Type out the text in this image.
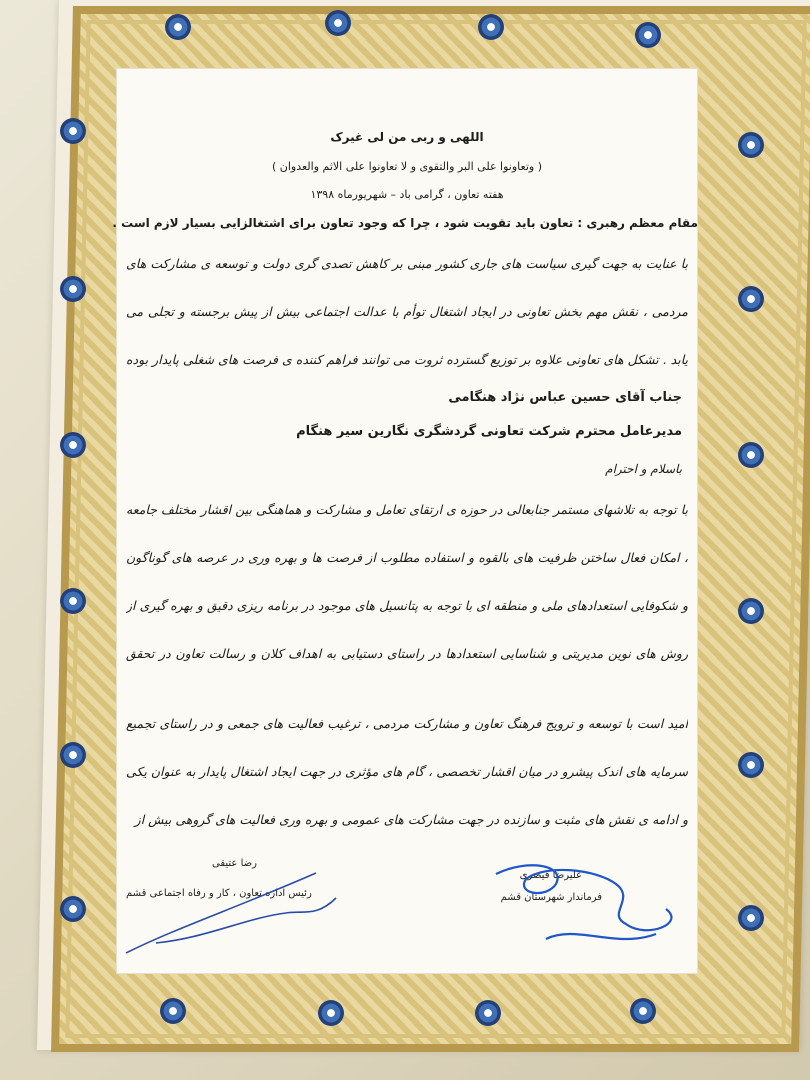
اللهی و ربی من لی غیرک
( وتعاونوا علی البر والتقوی و لا تعاونوا علی الاثم والعدوان )
هفته تعاون ، گرامی باد – شهریورماه ۱۳۹۸
مقام معظم رهبری : تعاون باید تقویت شود ، چرا که وجود تعاون برای اشتغالزایی بسیار لازم است .
با عنایت به جهت گیری سیاست های جاری کشور مبنی بر کاهش تصدی گری دولت و توسعه ی مشارکت های مردمی ، نقش مهم بخش تعاونی در ایجاد اشتغال توأم با عدالت اجتماعی بیش از پیش برجسته و تجلی می یابد . تشکل های تعاونی علاوه بر توزیع گسترده ثروت می توانند فراهم کننده ی فرصت های شغلی پایدار بوده
جناب آقای حسین عباس نژاد هنگامی
مدیرعامل محترم شرکت تعاونی گردشگری نگارین سیر هنگام
باسلام و احترام
با توجه به تلاشهای مستمر جنابعالی در حوزه ی ارتقای تعامل و مشارکت و هماهنگی بین اقشار مختلف جامعه ، امکان فعال ساختن ظرفیت های بالقوه و استفاده مطلوب از فرصت ها و بهره وری در عرصه های گوناگون و شکوفایی استعدادهای ملی و منطقه ای با توجه به پتانسیل های موجود در برنامه ریزی دقیق و بهره گیری از روش های نوین مدیریتی و شناسایی استعدادها در راستای دستیابی به اهداف کلان و رسالت تعاون در تحقق
امید است با توسعه و ترویج فرهنگ تعاون و مشارکت مردمی ، ترغیب فعالیت های جمعی و در راستای تجمیع سرمایه های اندک پیشرو در میان اقشار تخصصی ، گام های مؤثری در جهت ایجاد اشتغال پایدار به عنوان یکی
و ادامه ی نقش های مثبت و سازنده در جهت مشارکت های عمومی و بهره وری فعالیت های گروهی بیش از
رضا عتیقی
رئیس اداره تعاون ، کار و رفاه اجتماعی قشم
علیرضا قیصری
فرماندار شهرستان قشم
